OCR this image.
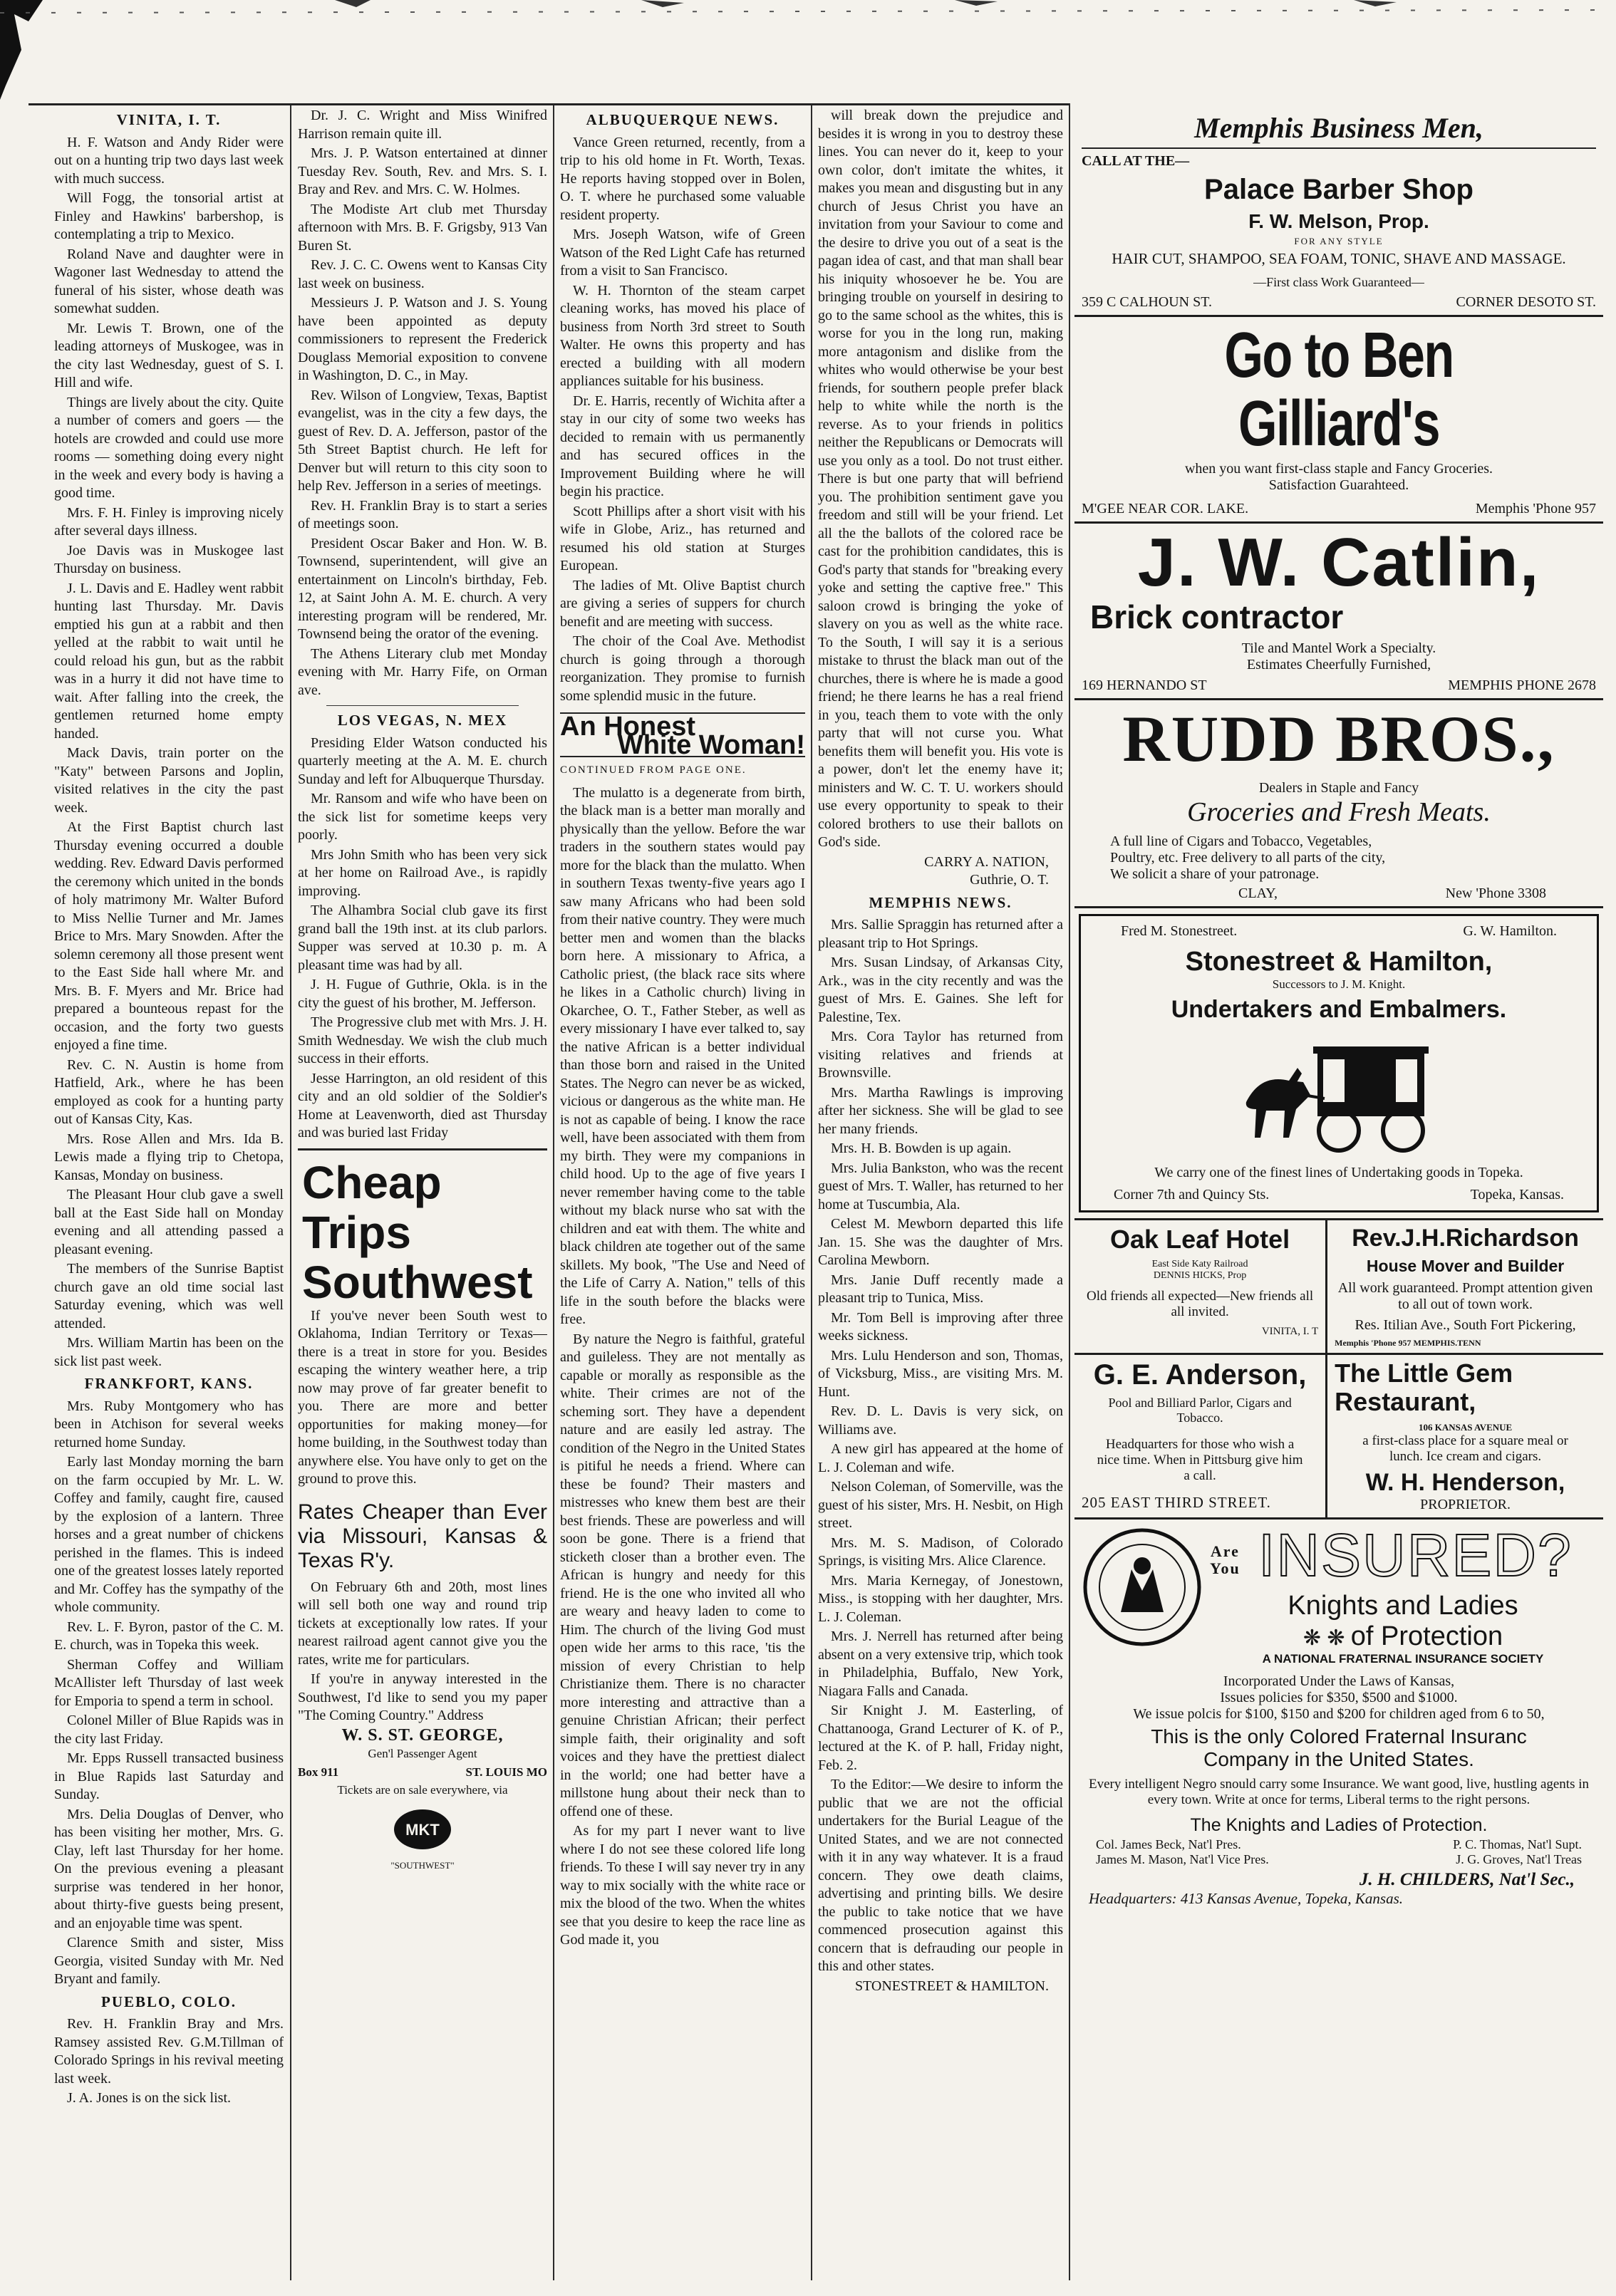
VINITA, I. T.

H. F. Watson and Andy Rider were out on a hunting trip two days last week with much success.

Will Fogg, the tonsorial artist at Finley and Hawkins' barbershop, is contemplating a trip to Mexico.

Roland Nave and daughter were in Wagoner last Wednesday to attend the funeral of his sister, whose death was somewhat sudden.

Mr. Lewis T. Brown, one of the leading attorneys of Muskogee, was in the city last Wednesday, guest of S. I. Hill and wife.

Things are lively about the city. Quite a number of comers and goers — the hotels are crowded and could use more rooms — something doing every night in the week and every body is having a good time.

Mrs. F. H. Finley is improving nicely after several days illness.

Joe Davis was in Muskogee last Thursday on business.

J. L. Davis and E. Hadley went rabbit hunting last Thursday. Mr. Davis emptied his gun at a rabbit and then yelled at the rabbit to wait until he could reload his gun, but as the rabbit was in a hurry it did not have time to wait. After falling into the creek, the gentlemen returned home empty handed.

Mack Davis, train porter on the "Katy" between Parsons and Joplin, visited relatives in the city the past week.

At the First Baptist church last Thursday evening occurred a double wedding. Rev. Edward Davis performed the ceremony which united in the bonds of holy matrimony Mr. Walter Buford to Miss Nellie Turner and Mr. James Brice to Mrs. Mary Snowden. After the solemn ceremony all those present went to the East Side hall where Mr. and Mrs. B. F. Myers and Mr. Brice had prepared a bounteous repast for the occasion, and the forty two guests enjoyed a fine time.

Rev. C. N. Austin is home from Hatfield, Ark., where he has been employed as cook for a hunting party out of Kansas City, Kas.

Mrs. Rose Allen and Mrs. Ida B. Lewis made a flying trip to Chetopa, Kansas, Monday on business.

The Pleasant Hour club gave a swell ball at the East Side hall on Monday evening and all attending passed a pleasant evening.

The members of the Sunrise Baptist church gave an old time social last Saturday evening, which was well attended.

Mrs. William Martin has been on the sick list past week.

FRANKFORT, KANS.

Mrs. Ruby Montgomery who has been in Atchison for several weeks returned home Sunday.

Early last Monday morning the barn on the farm occupied by Mr. L. W. Coffey and family, caught fire, caused by the explosion of a lantern. Three horses and a great number of chickens perished in the flames. This is indeed one of the greatest losses lately reported and Mr. Coffey has the sympathy of the whole community.

Rev. L. F. Byron, pastor of the C. M. E. church, was in Topeka this week.

Sherman Coffey and William McAllister left Thursday of last week for Emporia to spend a term in school.

Colonel Miller of Blue Rapids was in the city last Friday.

Mr. Epps Russell transacted business in Blue Rapids last Saturday and Sunday.

Mrs. Delia Douglas of Denver, who has been visiting her mother, Mrs. G. Clay, left last Thursday for her home. On the previous evening a pleasant surprise was tendered in her honor, about thirty-five guests being present, and an enjoyable time was spent.

Clarence Smith and sister, Miss Georgia, visited Sunday with Mr. Ned Bryant and family.

PUEBLO, COLO.

Rev. H. Franklin Bray and Mrs. Ramsey assisted Rev. G.M.Tillman of Colorado Springs in his revival meeting last week.

J. A. Jones is on the sick list.

Dr. J. C. Wright and Miss Winifred Harrison remain quite ill.

Mrs. J. P. Watson entertained at dinner Tuesday Rev. South, Rev. and Mrs. S. I. Bray and Rev. and Mrs. C. W. Holmes.

The Modiste Art club met Thursday afternoon with Mrs. B. F. Grigsby, 913 Van Buren St.

Rev. J. C. C. Owens went to Kansas City last week on business.

Messieurs J. P. Watson and J. S. Young have been appointed as deputy commissioners to represent the Frederick Douglass Memorial exposition to convene in Washington, D. C., in May.

Rev. Wilson of Longview, Texas, Baptist evangelist, was in the city a few days, the guest of Rev. D. A. Jefferson, pastor of the 5th Street Baptist church. He left for Denver but will return to this city soon to help Rev. Jefferson in a series of meetings.

Rev. H. Franklin Bray is to start a series of meetings soon.

President Oscar Baker and Hon. W. B. Townsend, superintendent, will give an entertainment on Lincoln's birthday, Feb. 12, at Saint John A. M. E. church. A very interesting program will be rendered, Mr. Townsend being the orator of the evening.

The Athens Literary club met Monday evening with Mr. Harry Fife, on Orman ave.

LOS VEGAS, N. MEX

Presiding Elder Watson conducted his quarterly meeting at the A. M. E. church Sunday and left for Albuquerque Thursday.

Mr. Ransom and wife who have been on the sick list for sometime keeps very poorly.

Mrs John Smith who has been very sick at her home on Railroad Ave., is rapidly improving.

The Alhambra Social club gave its first grand ball the 19th inst. at its club parlors. Supper was served at 10.30 p. m. A pleasant time was had by all.

J. H. Fugue of Guthrie, Okla. is in the city the guest of his brother, M. Jefferson.

The Progressive club met with Mrs. J. H. Smith Wednesday. We wish the club much success in their efforts.

Jesse Harrington, an old resident of this city and an old soldier of the Soldier's Home at Leavenworth, died ast Thursday and was buried last Friday

Cheap
Trips
Southwest

If you've never been South west to Oklahoma, Indian Territory or Texas—there is a treat in store for you. Besides escaping the wintery weather here, a trip now may prove of far greater benefit to you. There are more and better opportunities for making money—for home building, in the Southwest today than anywhere else. You have only to get on the ground to prove this.

Rates Cheaper than Ever via Missouri, Kansas & Texas R'y.

On February 6th and 20th, most lines will sell both one way and round trip tickets at exceptionally low rates. If your nearest railroad agent cannot give you the rates, write me for particulars.

If you're in anyway interested in the Southwest, I'd like to send you my paper "The Coming Country." Address

W. S. ST. GEORGE,
Gen'l Passenger Agent
Box 911	ST. LOUIS MO
Tickets are on sale everywhere, via
MKT
"SOUTHWEST"
ALBUQUERQUE NEWS.

Vance Green returned, recently, from a trip to his old home in Ft. Worth, Texas. He reports having stopped over in Bolen, O. T. where he purchased some valuable resident property.

Mrs. Joseph Watson, wife of Green Watson of the Red Light Cafe has returned from a visit to San Francisco.

W. H. Thornton of the steam carpet cleaning works, has moved his place of business from North 3rd street to South Walter. He owns this property and has erected a building with all modern appliances suitable for his business.

Dr. E. Harris, recently of Wichita after a stay in our city of some two weeks has decided to remain with us permanently and has secured offices in the Improvement Building where he will begin his practice.

Scott Phillips after a short visit with his wife in Globe, Ariz., has returned and resumed his old station at Sturges European.

The ladies of Mt. Olive Baptist church are giving a series of suppers for church benefit and are meeting with success.

The choir of the Coal Ave. Methodist church is going through a thorough reorganization. They promise to furnish some splendid music in the future.

An Honest
White Woman!
CONTINUED FROM PAGE ONE.

The mulatto is a degenerate from birth, the black man is a better man morally and physically than the yellow. Before the war traders in the southern states would pay more for the black than the mulatto. When in southern Texas twenty-five years ago I saw many Africans who had been sold from their native country. They were much better men and women than the blacks born here. A missionary to Africa, a Catholic priest, (the black race sits where he likes in a Catholic church) living in Okarchee, O. T., Father Steber, as well as every missionary I have ever talked to, say the native African is a better individual than those born and raised in the United States. The Negro can never be as wicked, vicious or dangerous as the white man. He is not as capable of being. I know the race well, have been associated with them from my birth. They were my companions in child hood. Up to the age of five years I never remember having come to the table without my black nurse who sat with the children and eat with them. The white and black children ate together out of the same skillets. My book, "The Use and Need of the Life of Carry A. Nation," tells of this life in the south before the blacks were free.

By nature the Negro is faithful, grateful and guileless. They are not mentally as capable or morally as responsible as the white. Their crimes are not of the scheming sort. They have a dependent nature and are easily led astray. The condition of the Negro in the United States is pitiful he needs a friend. Where can these be found? Their masters and mistresses who knew them best are their best friends. These are powerless and will soon be gone. There is a friend that sticketh closer than a brother even. The African is hungry and needy for this friend. He is the one who invited all who are weary and heavy laden to come to Him. The church of the living God must open wide her arms to this race, 'tis the mission of every Christian to help Christianize them. There is no character more interesting and attractive than a genuine Christian African; their perfect simple faith, their originality and soft voices and they have the prettiest dialect in the world; one had better have a millstone hung about their neck than to offend one of these.

As for my part I never want to live where I do not see these colored life long friends. To these I will say never try in any way to mix socially with the white race or mix the blood of the two. When the whites see that you desire to keep the race line as God made it, you

will break down the prejudice and besides it is wrong in you to destroy these lines. You can never do it, keep to your own color, don't imitate the whites, it makes you mean and disgusting but in any church of Jesus Christ you have an invitation from your Saviour to come and the desire to drive you out of a seat is the pagan idea of cast, and that man shall bear his iniquity whosoever he be. You are bringing trouble on yourself in desiring to go to the same school as the whites, this is worse for you in the long run, making more antagonism and dislike from the whites who would otherwise be your best friends, for southern people prefer black help to white while the north is the reverse. As to your friends in politics neither the Republicans or Democrats will use you only as a tool. Do not trust either. There is but one party that will befriend you. The prohibition sentiment gave you freedom and still will be your friend. Let all the the ballots of the colored race be cast for the prohibition candidates, this is God's party that stands for "breaking every yoke and setting the captive free." This saloon crowd is bringing the yoke of slavery on you as well as the white race. To the South, I will say it is a serious mistake to thrust the black man out of the churches, there is where he is made a good friend; he there learns he has a real friend in you, teach them to vote with the only party that will not curse you. What benefits them will benefit you. His vote is a power, don't let the enemy have it; ministers and W. C. T. U. workers should use every opportunity to speak to their colored brothers to use their ballots on God's side.

CARRY A. NATION,
Guthrie, O. T.
MEMPHIS NEWS.

Mrs. Sallie Spraggin has returned after a pleasant trip to Hot Springs.

Mrs. Susan Lindsay, of Arkansas City, Ark., was in the city recently and was the guest of Mrs. E. Gaines. She left for Palestine, Tex.

Mrs. Cora Taylor has returned from visiting relatives and friends at Brownsville.

Mrs. Martha Rawlings is improving after her sickness. She will be glad to see her many friends.

Mrs. H. B. Bowden is up again.

Mrs. Julia Bankston, who was the recent guest of Mrs. T. Waller, has returned to her home at Tuscumbia, Ala.

Celest M. Mewborn departed this life Jan. 15. She was the daughter of Mrs. Carolina Mewborn.

Mrs. Janie Duff recently made a pleasant trip to Tunica, Miss.

Mr. Tom Bell is improving after three weeks sickness.

Mrs. Lulu Henderson and son, Thomas, of Vicksburg, Miss., are visiting Mrs. M. Hunt.

Rev. D. L. Davis is very sick, on Williams ave.

A new girl has appeared at the home of L. J. Coleman and wife.

Nelson Coleman, of Somerville, was the guest of his sister, Mrs. H. Nesbit, on High street.

Mrs. M. S. Madison, of Colorado Springs, is visiting Mrs. Alice Clarence.

Mrs. Maria Kernegay, of Jonestown, Miss., is stopping with her daughter, Mrs. L. J. Coleman.

Mrs. J. Nerrell has returned after being absent on a very extensive trip, which took in Philadelphia, Buffalo, New York, Niagara Falls and Canada.

Sir Knight J. M. Easterling, of Chattanooga, Grand Lecturer of K. of P., lectured at the K. of P. hall, Friday night, Feb. 2.

To the Editor:—We desire to inform the public that we are not the official undertakers for the Burial League of the United States, and we are not connected with it in any way whatever. It is a fraud concern. They owe death claims, advertising and printing bills. We desire the public to take notice that we have commenced prosecution against this concern that is defrauding our people in this and other states.

STONESTREET & HAMILTON.
Memphis Business Men,
CALL AT THE—
Palace Barber Shop
F. W. Melson, Prop.
FOR ANY STYLE
HAIR CUT, SHAMPOO, SEA FOAM, TONIC, SHAVE AND MASSAGE.
—First class Work Guaranteed—
359 C CALHOUN ST.	CORNER DESOTO ST.
Go to Ben Gilliard's
when you want first-class staple and Fancy Groceries. Satisfaction Guarahteed.
M'GEE NEAR COR. LAKE.	Memphis 'Phone 957
J. W. Catlin,
Brick contractor
Tile and Mantel Work a Specialty.
Estimates Cheerfully Furnished,
169 HERNANDO ST	MEMPHIS PHONE 2678
RUDD BROS.,
Dealers in Staple and Fancy
Groceries and Fresh Meats.
A full line of Cigars and Tobacco, Vegetables,
Poultry, etc. Free delivery to all parts of the city,
We solicit a share of your patronage.
CLAY,	New 'Phone 3308
Fred M. Stonestreet.	G. W. Hamilton.
Stonestreet & Hamilton,
Successors to J. M. Knight.
Undertakers and Embalmers.
We carry one of the finest lines of Undertaking goods in Topeka.
Corner 7th and Quincy Sts.	Topeka, Kansas.
Oak Leaf Hotel
East Side Katy Railroad
DENNIS HICKS, Prop
Old friends all expected—New friends all all invited.
VINITA, I. T
Rev.J.H.Richardson
House Mover and Builder
All work guaranteed. Prompt attention given to all out of town work.
Res. Itilian Ave., South Fort Pickering,
Memphis 'Phone 957 MEMPHIS.TENN
G. E. Anderson,
Pool and Billiard Parlor, Cigars and Tobacco.
Headquarters for those who wish a nice time. When in Pittsburg give him a call.
205 EAST THIRD STREET.
The Little Gem Restaurant,
106 KANSAS AVENUE
a first-class place for a square meal or lunch. Ice cream and cigars.
W. H. Henderson,
PROPRIETOR.
Are
You INSURED?
Knights and Ladies
❋ ❋ of Protection
A NATIONAL FRATERNAL INSURANCE SOCIETY
Incorporated Under the Laws of Kansas,
Issues policies for $350, $500 and $1000.
We issue polcis for $100, $150 and $200 for children aged from 6 to 50,
This is the only Colored Fraternal Insuranc Company in the United States.
Every intelligent Negro snould carry some Insurance. We want good, live, hustling agents in every town. Write at once for terms, Liberal terms to the right persons.
The Knights and Ladies of Protection.
Col. James Beck, Nat'l Pres.	P. C. Thomas, Nat'l Supt.
James M. Mason, Nat'l Vice Pres.	J. G. Groves, Nat'l Treas
J. H. CHILDERS, Nat'l Sec.,
Headquarters: 413 Kansas Avenue, Topeka, Kansas.
